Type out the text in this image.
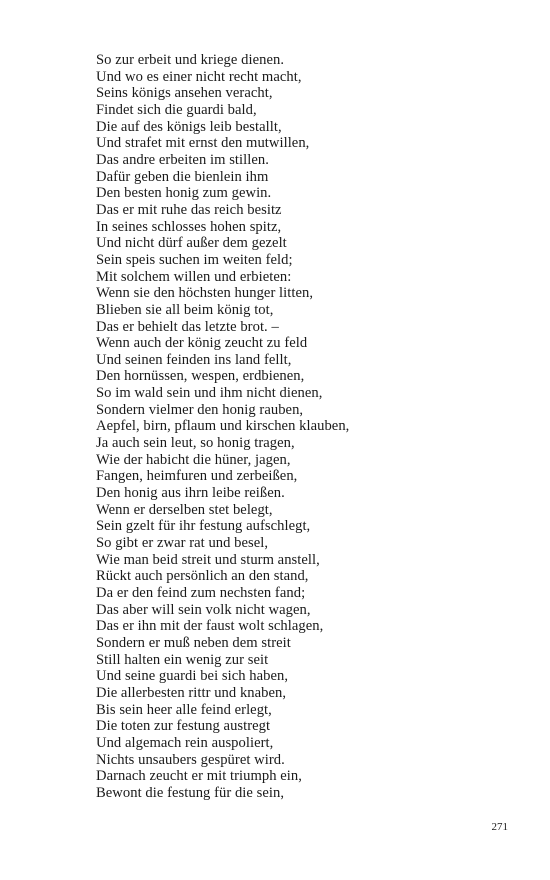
So zur erbeit und kriege dienen.
Und wo es einer nicht recht macht,
Seins königs ansehen veracht,
Findet sich die guardi bald,
Die auf des königs leib bestallt,
Und strafet mit ernst den mutwillen,
Das andre erbeiten im stillen.
Dafür geben die bienlein ihm
Den besten honig zum gewin.
Das er mit ruhe das reich besitz
In seines schlosses hohen spitz,
Und nicht dürf außer dem gezelt
Sein speis suchen im weiten feld;
Mit solchem willen und erbieten:
Wenn sie den höchsten hunger litten,
Blieben sie all beim könig tot,
Das er behielt das letzte brot. –
Wenn auch der könig zeucht zu feld
Und seinen feinden ins land fellt,
Den hornüssen, wespen, erdbienen,
So im wald sein und ihm nicht dienen,
Sondern vielmer den honig rauben,
Aepfel, birn, pflaum und kirschen klauben,
Ja auch sein leut, so honig tragen,
Wie der habicht die hüner, jagen,
Fangen, heimfuren und zerbeißen,
Den honig aus ihrn leibe reißen.
Wenn er derselben stet belegt,
Sein gzelt für ihr festung aufschlegt,
So gibt er zwar rat und besel,
Wie man beid streit und sturm anstell,
Rückt auch persönlich an den stand,
Da er den feind zum nechsten fand;
Das aber will sein volk nicht wagen,
Das er ihn mit der faust wolt schlagen,
Sondern er muß neben dem streit
Still halten ein wenig zur seit
Und seine guardi bei sich haben,
Die allerbesten rittr und knaben,
Bis sein heer alle feind erlegt,
Die toten zur festung austregt
Und algemach rein auspoliert,
Nichts unsaubers gespüret wird.
Darnach zeucht er mit triumph ein,
Bewont die festung für die sein,
271
